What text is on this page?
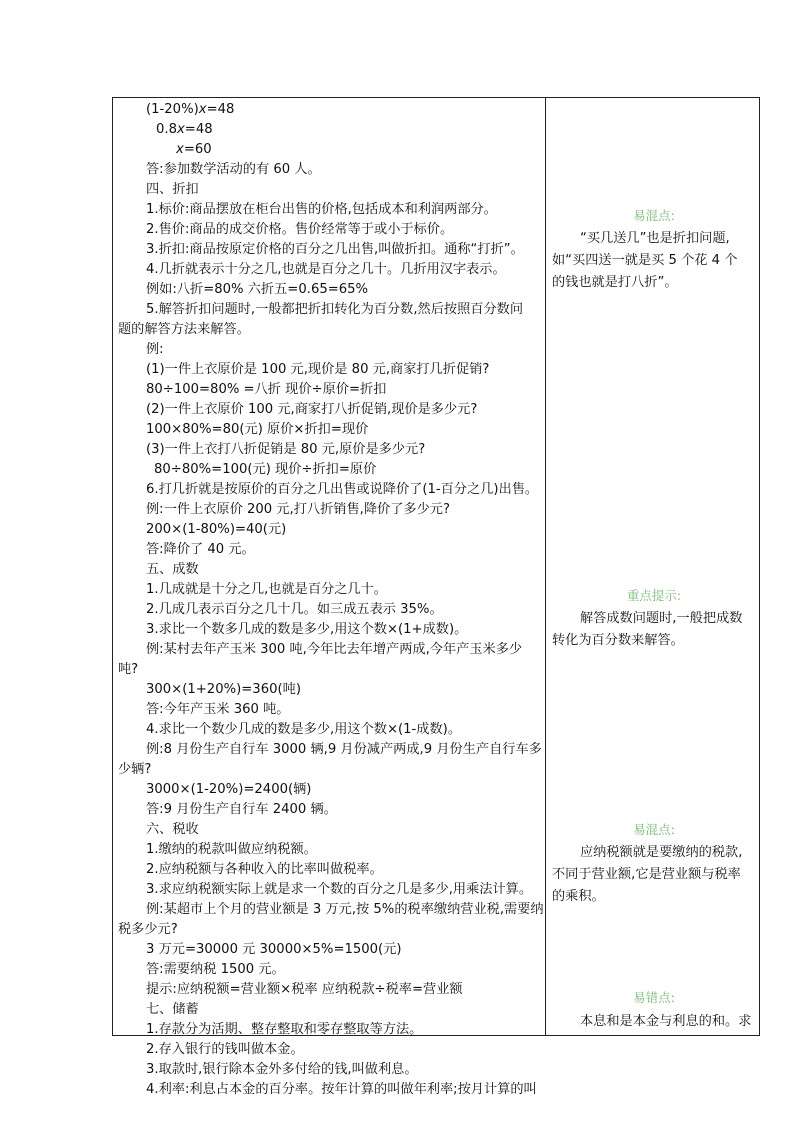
(1-20%)x=48
0.8x=48
x=60
答:参加数学活动的有 60 人。
四、折扣
1.标价:商品摆放在柜台出售的价格,包括成本和利润两部分。
2.售价:商品的成交价格。售价经常等于或小于标价。
3.折扣:商品按原定价格的百分之几出售,叫做折扣。通称“打折”。
4.几折就表示十分之几,也就是百分之几十。几折用汉字表示。
例如:八折=80% 六折五=0.65=65%
5.解答折扣问题时,一般都把折扣转化为百分数,然后按照百分数问
题的解答方法来解答。
例:
(1)一件上衣原价是 100 元,现价是 80 元,商家打几折促销?
80÷100=80% =八折 现价÷原价=折扣
(2)一件上衣原价 100 元,商家打八折促销,现价是多少元?
100×80%=80(元) 原价×折扣=现价
(3)一件上衣打八折促销是 80 元,原价是多少元?
80÷80%=100(元) 现价÷折扣=原价
6.打几折就是按原价的百分之几出售或说降价了(1-百分之几)出售。
例:一件上衣原价 200 元,打八折销售,降价了多少元?
200×(1-80%)=40(元)
答:降价了 40 元。
五、成数
1.几成就是十分之几,也就是百分之几十。
2.几成几表示百分之几十几。如三成五表示 35%。
3.求比一个数多几成的数是多少,用这个数×(1+成数)。
例:某村去年产玉米 300 吨,今年比去年增产两成,今年产玉米多少
吨?
300×(1+20%)=360(吨)
答:今年产玉米 360 吨。
4.求比一个数少几成的数是多少,用这个数×(1-成数)。
例:8 月份生产自行车 3000 辆,9 月份减产两成,9 月份生产自行车多
少辆?
3000×(1-20%)=2400(辆)
答:9 月份生产自行车 2400 辆。
六、税收
1.缴纳的税款叫做应纳税额。
2.应纳税额与各种收入的比率叫做税率。
3.求应纳税额实际上就是求一个数的百分之几是多少,用乘法计算。
例:某超市上个月的营业额是 3 万元,按 5%的税率缴纳营业税,需要纳
税多少元?
3 万元=30000 元 30000×5%=1500(元)
答:需要纳税 1500 元。
提示:应纳税额=营业额×税率 应纳税款÷税率=营业额
七、储蓄
1.存款分为活期、整存整取和零存整取等方法。
2.存入银行的钱叫做本金。
3.取款时,银行除本金外多付给的钱,叫做利息。
4.利率:利息占本金的百分率。按年计算的叫做年利率;按月计算的叫
易混点:
“买几送几”也是折扣问题,
如“买四送一就是买 5 个花 4 个
的钱也就是打八折”。
重点提示:
解答成数问题时,一般把成数
转化为百分数来解答。
易混点:
应纳税额就是要缴纳的税款,
不同于营业额,它是营业额与税率
的乘积。
易错点:
本息和是本金与利息的和。求
